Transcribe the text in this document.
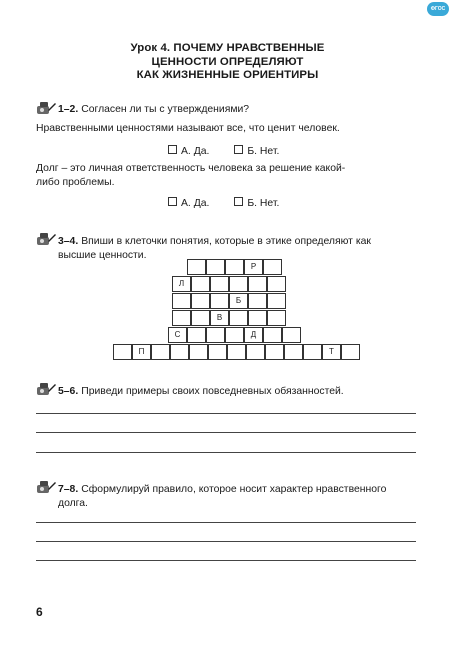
ФГОС
Урок 4. ПОЧЕМУ НРАВСТВЕННЫЕ
ЦЕННОСТИ ОПРЕДЕЛЯЮТ
КАК ЖИЗНЕННЫЕ ОРИЕНТИРЫ
1–2. Согласен ли ты с утверждениями?
Нравственными ценностями называют все, что ценит человек.
А. Да.	Б. Нет.
Долг – это личная ответственность человека за решение какой-
либо проблемы.
А. Да.	Б. Нет.
3–4. Впиши в клеточки понятия, которые в этике определяют как
высшие ценности.
Р
Л
Б
В
С	Д
П	Т
5–6. Приведи примеры своих повседневных обязанностей.
7–8. Сформулируй правило, которое носит характер нравственного
долга.
6
